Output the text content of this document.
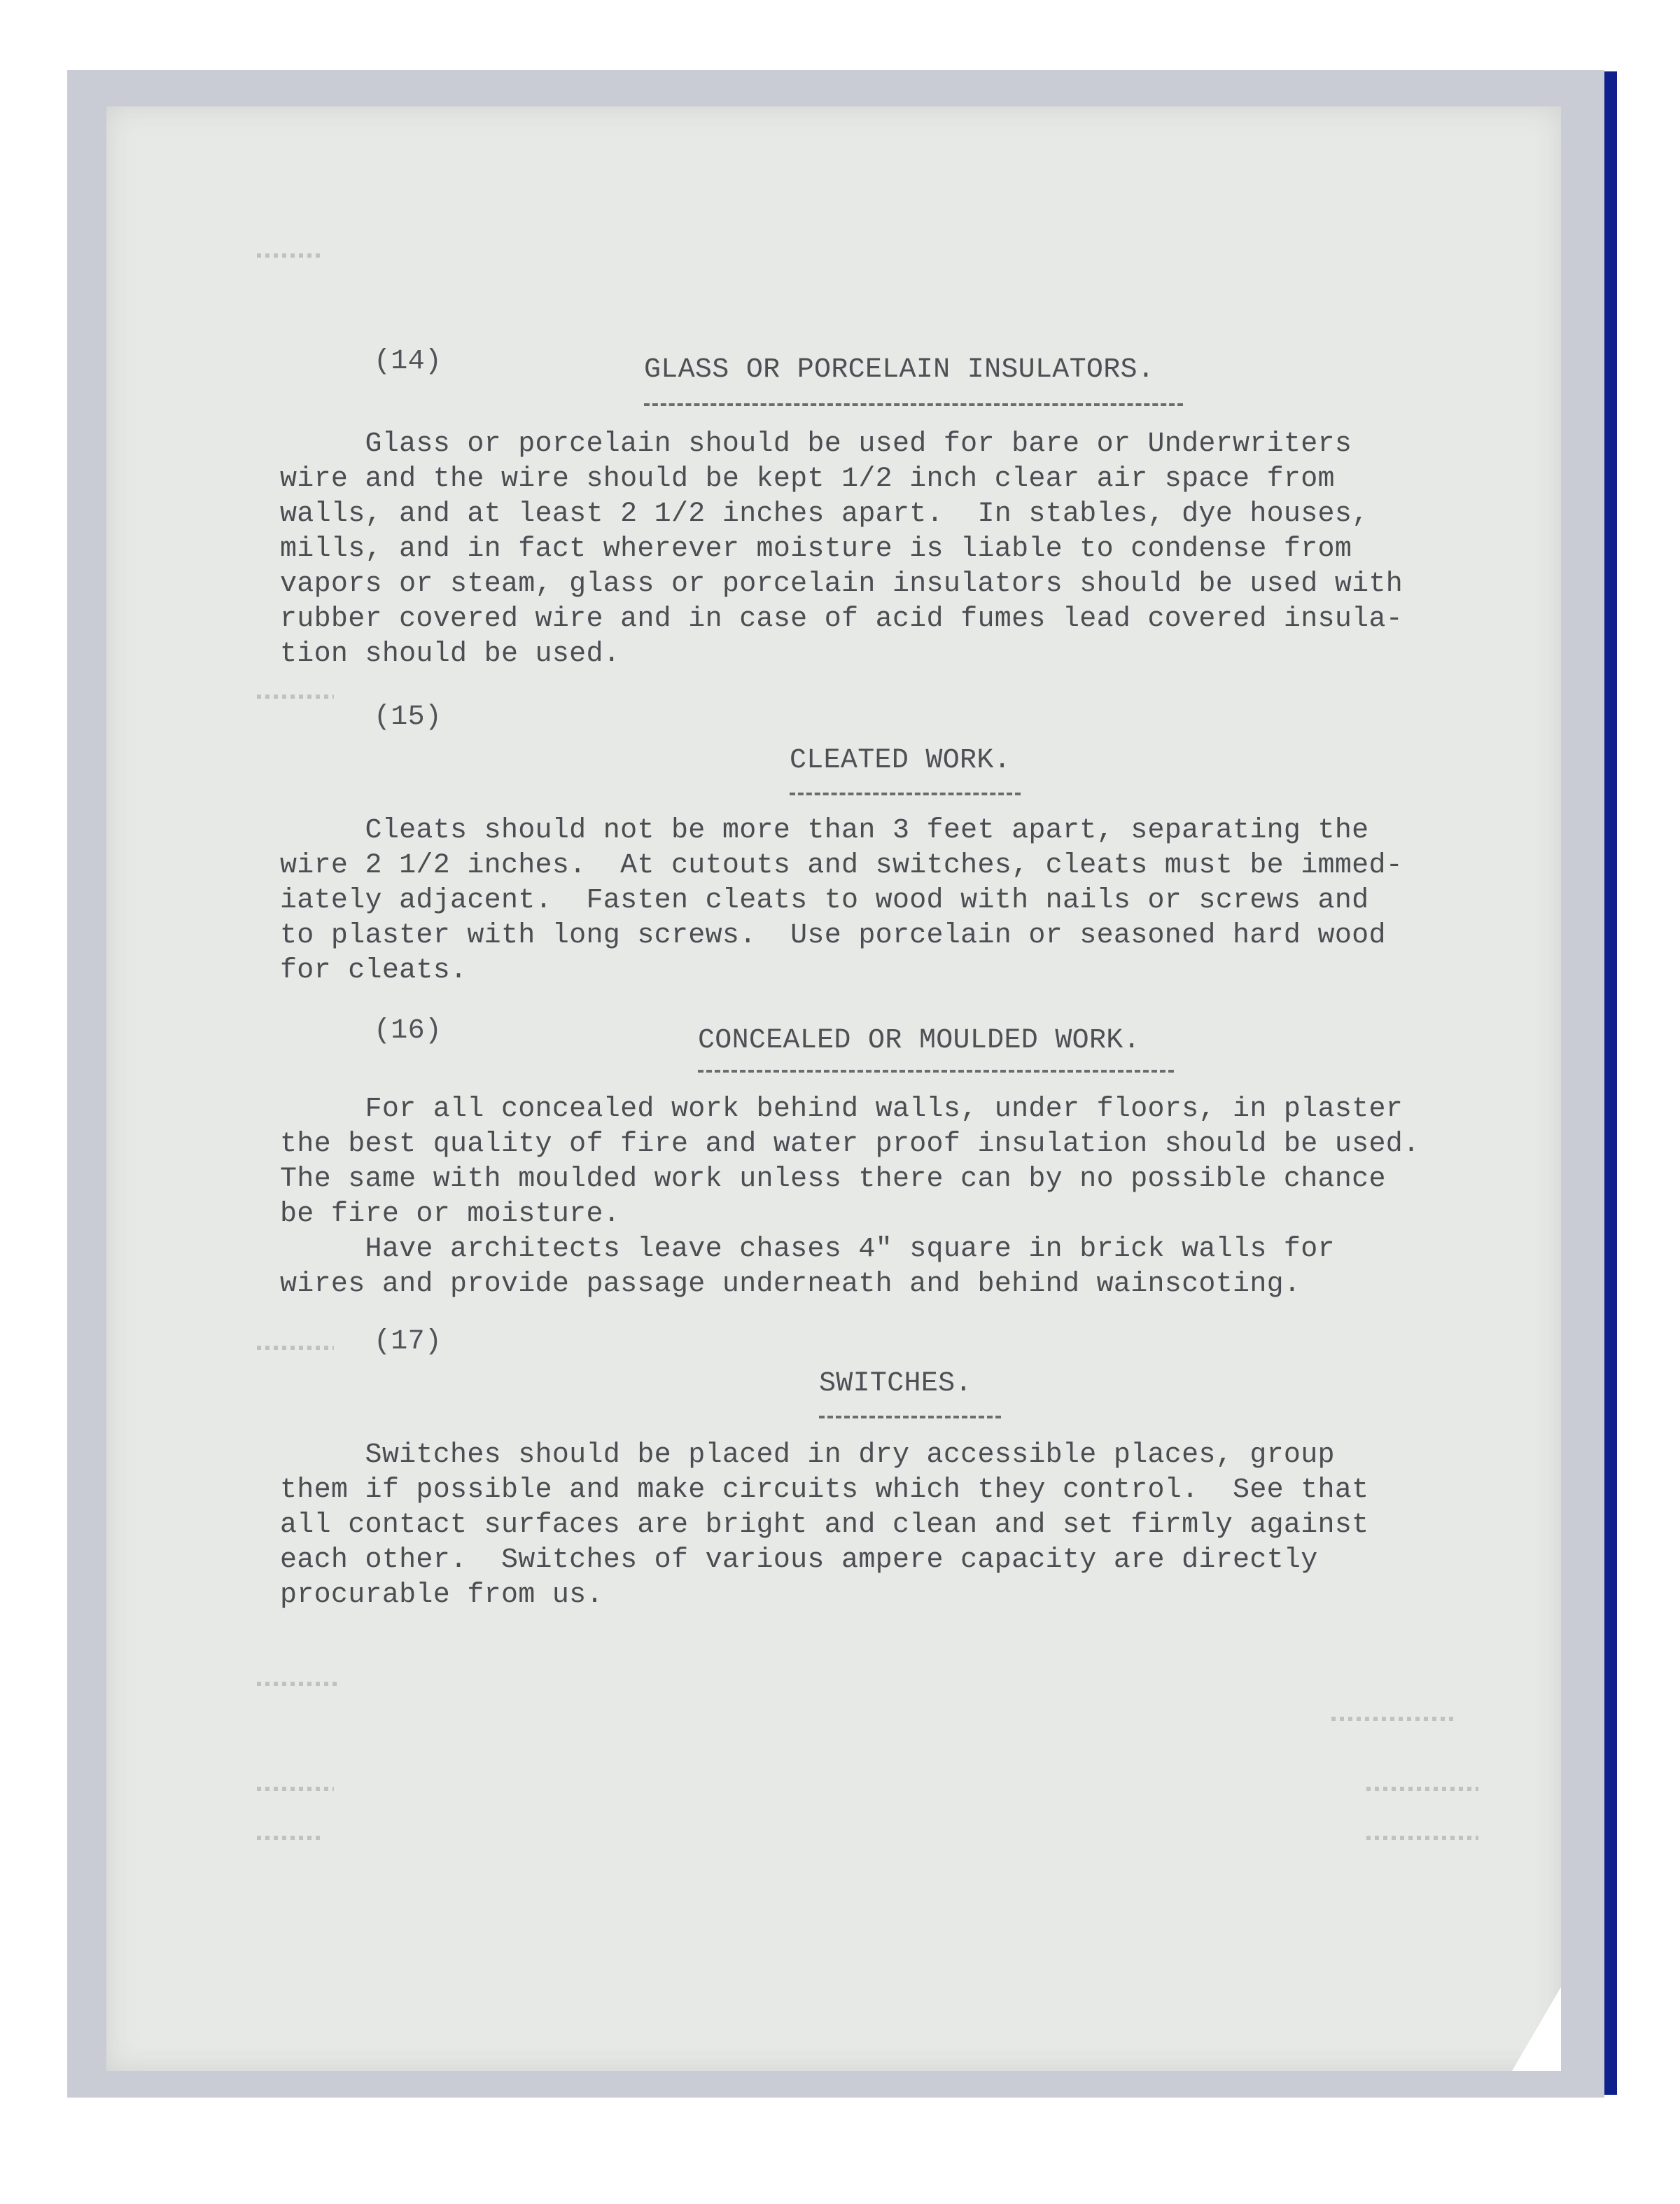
(14)	GLASS OR PORCELAIN INSULATORS.
Glass or porcelain should be used for bare or Underwriters
wire and the wire should be kept 1/2 inch clear air space from
walls, and at least 2 1/2 inches apart.  In stables, dye houses,
mills, and in fact wherever moisture is liable to condense from
vapors or steam, glass or porcelain insulators should be used with
rubber covered wire and in case of acid fumes lead covered insula-
tion should be used.
(15)
CLEATED WORK.
Cleats should not be more than 3 feet apart, separating the
wire 2 1/2 inches.  At cutouts and switches, cleats must be immed-
iately adjacent.  Fasten cleats to wood with nails or screws and
to plaster with long screws.  Use porcelain or seasoned hard wood
for cleats.
(16)	CONCEALED OR MOULDED WORK.
For all concealed work behind walls, under floors, in plaster
the best quality of fire and water proof insulation should be used.
The same with moulded work unless there can by no possible chance
be fire or moisture.
Have architects leave chases 4" square in brick walls for
wires and provide passage underneath and behind wainscoting.
(17)
SWITCHES.
Switches should be placed in dry accessible places, group
them if possible and make circuits which they control.  See that
all contact surfaces are bright and clean and set firmly against
each other.  Switches of various ampere capacity are directly
procurable from us.
